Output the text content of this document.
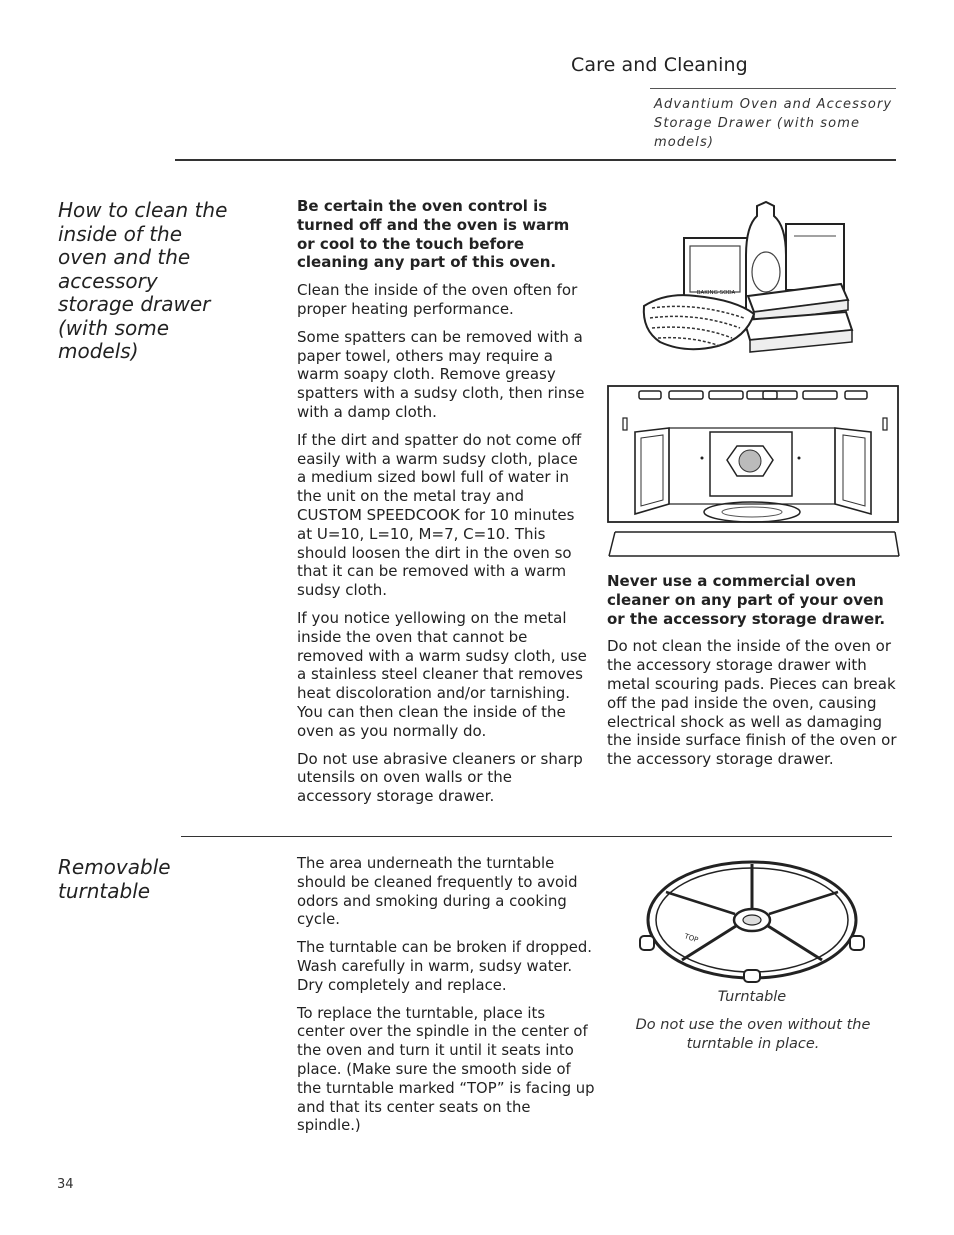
Care and Cleaning
Advantium Oven and Accessory Storage Drawer (with some models)
How to clean the inside of the oven and the accessory storage drawer (with some models)

Be certain the oven control is turned off and the oven is warm or cool to the touch before cleaning any part of this oven.

Clean the inside of the oven often for proper heating performance.

Some spatters can be removed with a paper towel, others may require a warm soapy cloth. Remove greasy spatters with a sudsy cloth, then rinse with a damp cloth.

If the dirt and spatter do not come off easily with a warm sudsy cloth, place a medium sized bowl full of water in the unit on the metal tray and CUSTOM SPEEDCOOK for 10 minutes at U=10, L=10, M=7, C=10. This should loosen the dirt in the oven so that it can be removed with a warm sudsy cloth.

If you notice yellowing on the metal inside the oven that cannot be removed with a warm sudsy cloth, use a stainless steel cleaner that removes heat discoloration and/or tarnishing. You can then clean the inside of the oven as you normally do.

Do not use abrasive cleaners or sharp utensils on oven walls or the accessory storage drawer.

BAKING SODA

Never use a commercial oven cleaner on any part of your oven or the accessory storage drawer.

Do not clean the inside of the oven or the accessory storage drawer with metal scouring pads. Pieces can break off the pad inside the oven, causing electrical shock as well as damaging the inside surface finish of the oven or the accessory storage drawer.

Removable turntable

The area underneath the turntable should be cleaned frequently to avoid odors and smoking during a cooking cycle.

The turntable can be broken if dropped. Wash carefully in warm, sudsy water. Dry completely and replace.

To replace the turntable, place its center over the spindle in the center of the oven and turn it until it seats into place. (Make sure the smooth side of the turntable marked “TOP” is facing up and that its center seats on the spindle.)

TOP
Turntable
Do not use the oven without the turntable in place.
34
